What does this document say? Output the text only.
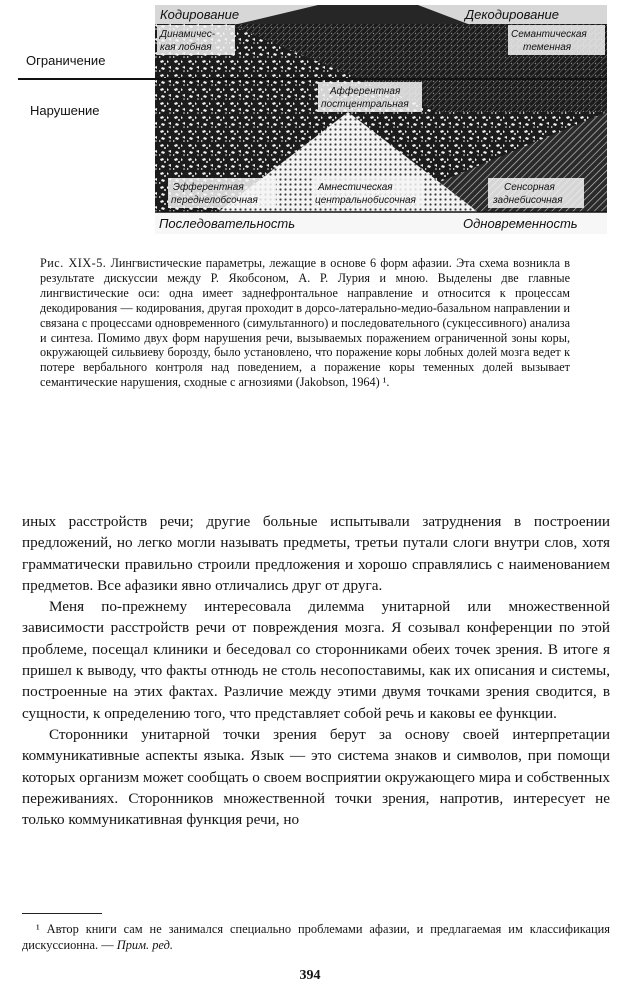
Кодирование	Декодирование
Ограничение
Нарушение
Динамичес-
кая лобная
Семантическая
теменная
Афферентная
постцентральная
Эфферентная
переднелобсочная
Амнестическая
центральнобисочная
Сенсорная
заднебисочная
Последовательность	Одновременность

Рис. XIX-5. Лингвистические параметры, лежащие в основе 6 форм афазии. Эта схема возникла в результате дискуссии между Р. Якобсоном, А. Р. Лурия и мною. Выделены две главные лингвистические оси: одна имеет заднефронтальное направление и относится к процессам декодирования — кодирования, другая проходит в дорсо-латерально-медио-базальном направлении и связана с процессами одновременного (симультанного) и последовательного (сукцессивного) анализа и синтеза. Помимо двух форм нарушения речи, вызываемых поражением ограниченной зоны коры, окружающей сильвиеву борозду, было установлено, что поражение коры лобных долей мозга ведет к потере вербального контроля над поведением, а поражение коры теменных долей вызывает семантические нарушения, сходные с агнозиями (Jakobson, 1964) ¹.

иных расстройств речи; другие больные испытывали затруднения в построении предложений, но легко могли называть предметы, третьи путали слоги внутри слов, хотя грамматически правильно строили предложения и хорошо справлялись с наименованием предметов. Все афазики явно отличались друг от друга.

Меня по-прежнему интересовала дилемма унитарной или множественной зависимости расстройств речи от повреждения мозга. Я созывал конференции по этой проблеме, посещал клиники и беседовал со сторонниками обеих точек зрения. В итоге я пришел к выводу, что факты отнюдь не столь несопоставимы, как их описания и системы, построенные на этих фактах. Различие между этими двумя точками зрения сводится, в сущности, к определению того, что представляет собой речь и каковы ее функции.

Сторонники унитарной точки зрения берут за основу своей интерпретации коммуникативные аспекты языка. Язык — это система знаков и символов, при помощи которых организм может сообщать о своем восприятии окружающего мира и собственных переживаниях. Сторонников множественной точки зрения, напротив, интересует не только коммуникативная функция речи, но

¹ Автор книги сам не занимался специально проблемами афазии, и предлагаемая им классификация дискуссионна. — Прим. ред.

394
